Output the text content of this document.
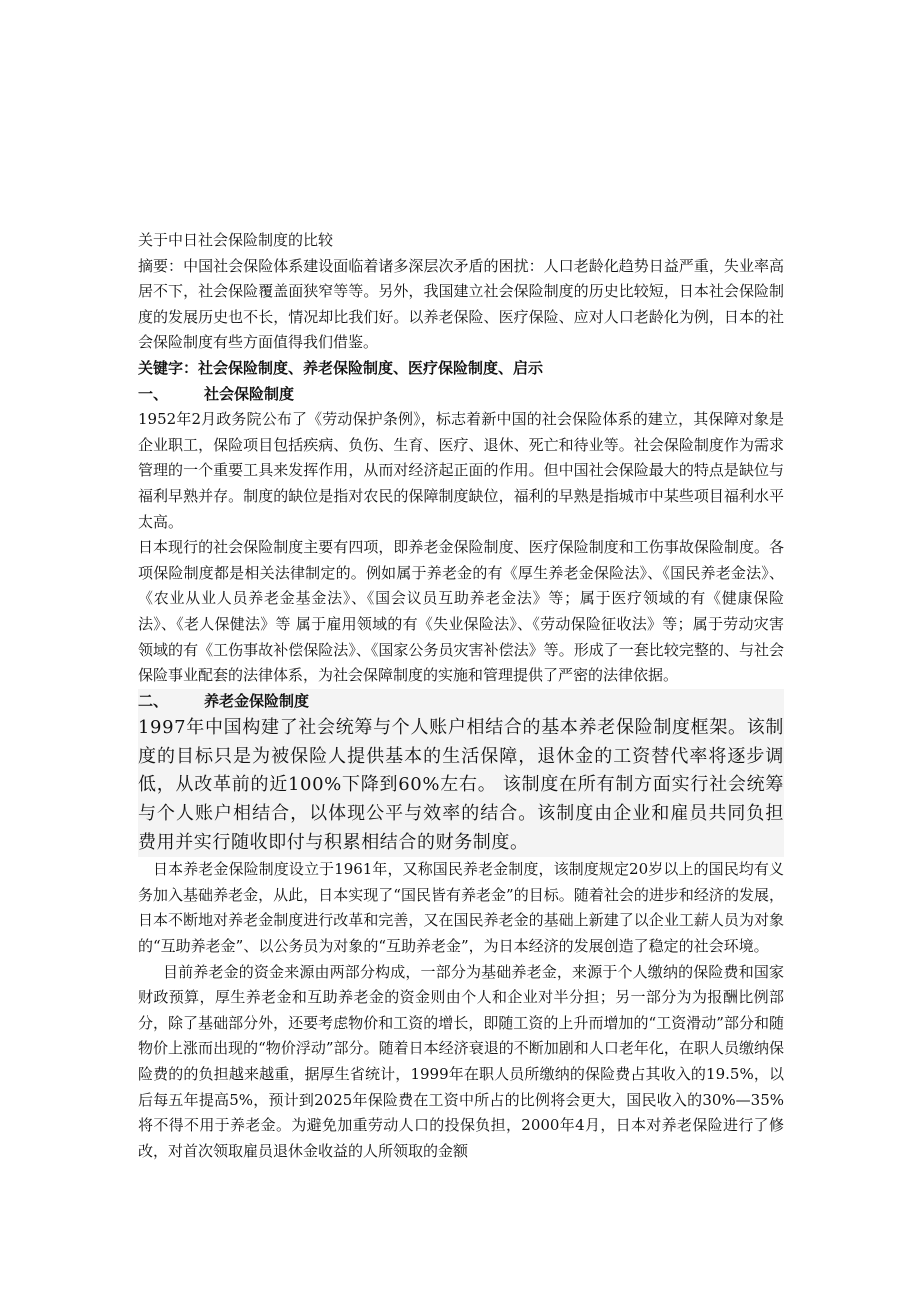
关于中日社会保险制度的比较

摘要：中国社会保险体系建设面临着诸多深层次矛盾的困扰：人口老龄化趋势日益严重，失业率高居不下，社会保险覆盖面狭窄等等。另外，我国建立社会保险制度的历史比较短，日本社会保险制度的发展历史也不长，情况却比我们好。以养老保险、医疗保险、应对人口老龄化为例，日本的社会保险制度有些方面值得我们借鉴。

关键字：社会保险制度、养老保险制度、医疗保险制度、启示

一、	社会保险制度

1952年2月政务院公布了《劳动保护条例》，标志着新中国的社会保险体系的建立，其保障对象是企业职工，保险项目包括疾病、负伤、生育、医疗、退休、死亡和待业等。社会保险制度作为需求管理的一个重要工具来发挥作用，从而对经济起正面的作用。但中国社会保险最大的特点是缺位与福利早熟并存。制度的缺位是指对农民的保障制度缺位，福利的早熟是指城市中某些项目福利水平太高。

日本现行的社会保险制度主要有四项，即养老金保险制度、医疗保险制度和工伤事故保险制度。各项保险制度都是相关法律制定的。例如属于养老金的有《厚生养老金保险法》、《国民养老金法》、《农业从业人员养老金基金法》、《国会议员互助养老金法》等；属于医疗领域的有《健康保险法》、《老人保健法》等 属于雇用领域的有《失业保险法》、《劳动保险征收法》等；属于劳动灾害领域的有《工伤事故补偿保险法》、《国家公务员灾害补偿法》等。形成了一套比较完整的、与社会保险事业配套的法律体系，为社会保障制度的实施和管理提供了严密的法律依据。

二、	养老金保险制度

1997年中国构建了社会统筹与个人账户相结合的基本养老保险制度框架。该制度的目标只是为被保险人提供基本的生活保障，退休金的工资替代率将逐步调低，从改革前的近100%下降到60%左右。 该制度在所有制方面实行社会统筹与个人账户相结合，以体现公平与效率的结合。该制度由企业和雇员共同负担费用并实行随收即付与积累相结合的财务制度。

日本养老金保险制度设立于1961年，又称国民养老金制度，该制度规定20岁以上的国民均有义务加入基础养老金，从此，日本实现了“国民皆有养老金”的目标。随着社会的进步和经济的发展，日本不断地对养老金制度进行改革和完善，又在国民养老金的基础上新建了以企业工薪人员为对象的“互助养老金”、以公务员为对象的“互助养老金”，为日本经济的发展创造了稳定的社会环境。

目前养老金的资金来源由两部分构成，一部分为基础养老金，来源于个人缴纳的保险费和国家财政预算，厚生养老金和互助养老金的资金则由个人和企业对半分担；另一部分为为报酬比例部分，除了基础部分外，还要考虑物价和工资的增长，即随工资的上升而增加的“工资滑动”部分和随物价上涨而出现的“物价浮动”部分。随着日本经济衰退的不断加剧和人口老年化，在职人员缴纳保险费的的负担越来越重，据厚生省统计，1999年在职人员所缴纳的保险费占其收入的19.5%，以后每五年提高5%，预计到2025年保险费在工资中所占的比例将会更大，国民收入的30%—35%将不得不用于养老金。为避免加重劳动人口的投保负担，2000年4月，日本对养老保险进行了修改，对首次领取雇员退休金收益的人所领取的金额
